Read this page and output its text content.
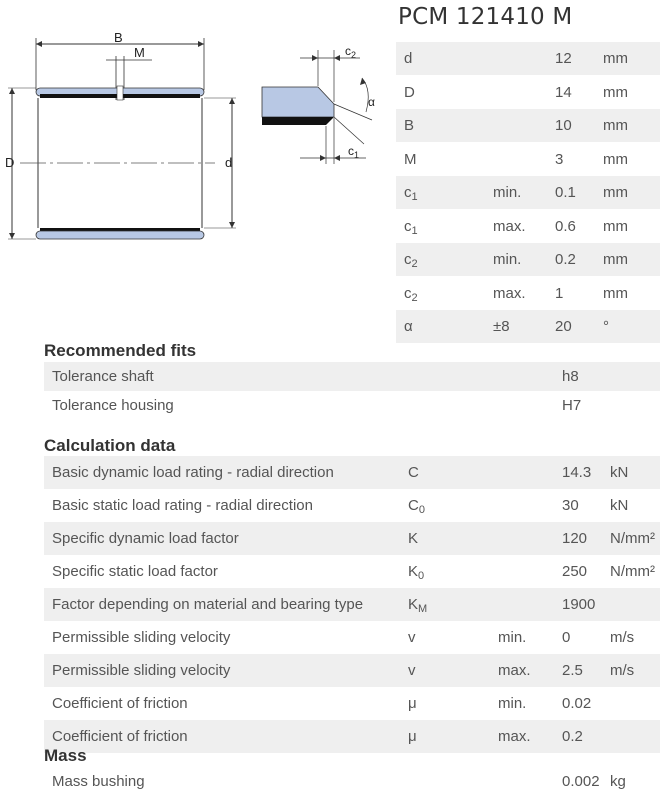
PCM 121410 M
B
M
D	d
$c_2$
α
$c_1$
d	12 mm
D	14 mm
B	10 mm
M	3	mm
$c_1$	min. 0.1 mm
$c_1$	max. 0.6 mm
$c_2$	min. 0.2 mm
$c_2$	max. 1	mm
α	±8	20 °
Recommended fits
Tolerance shaft	h8
Tolerance housing	H7
Calculation data
Basic dynamic load rating - radial direction	C	14.3 kN
Basic static load rating - radial direction	$C_0$	30 kN
Specific dynamic load factor	K	120 N/mm²
Specific static load factor	$K_0$	250 N/mm²
Factor depending on material and bearing type	$K_M$	1900
Permissible sliding velocity	v	min. 0	m/s
Permissible sliding velocity	v	max. 2.5 m/s
Coefficient of friction	μ	min. 0.02
Coefficient of friction	μ	max. 0.2
Mass
Mass bushing	0.002 kg
